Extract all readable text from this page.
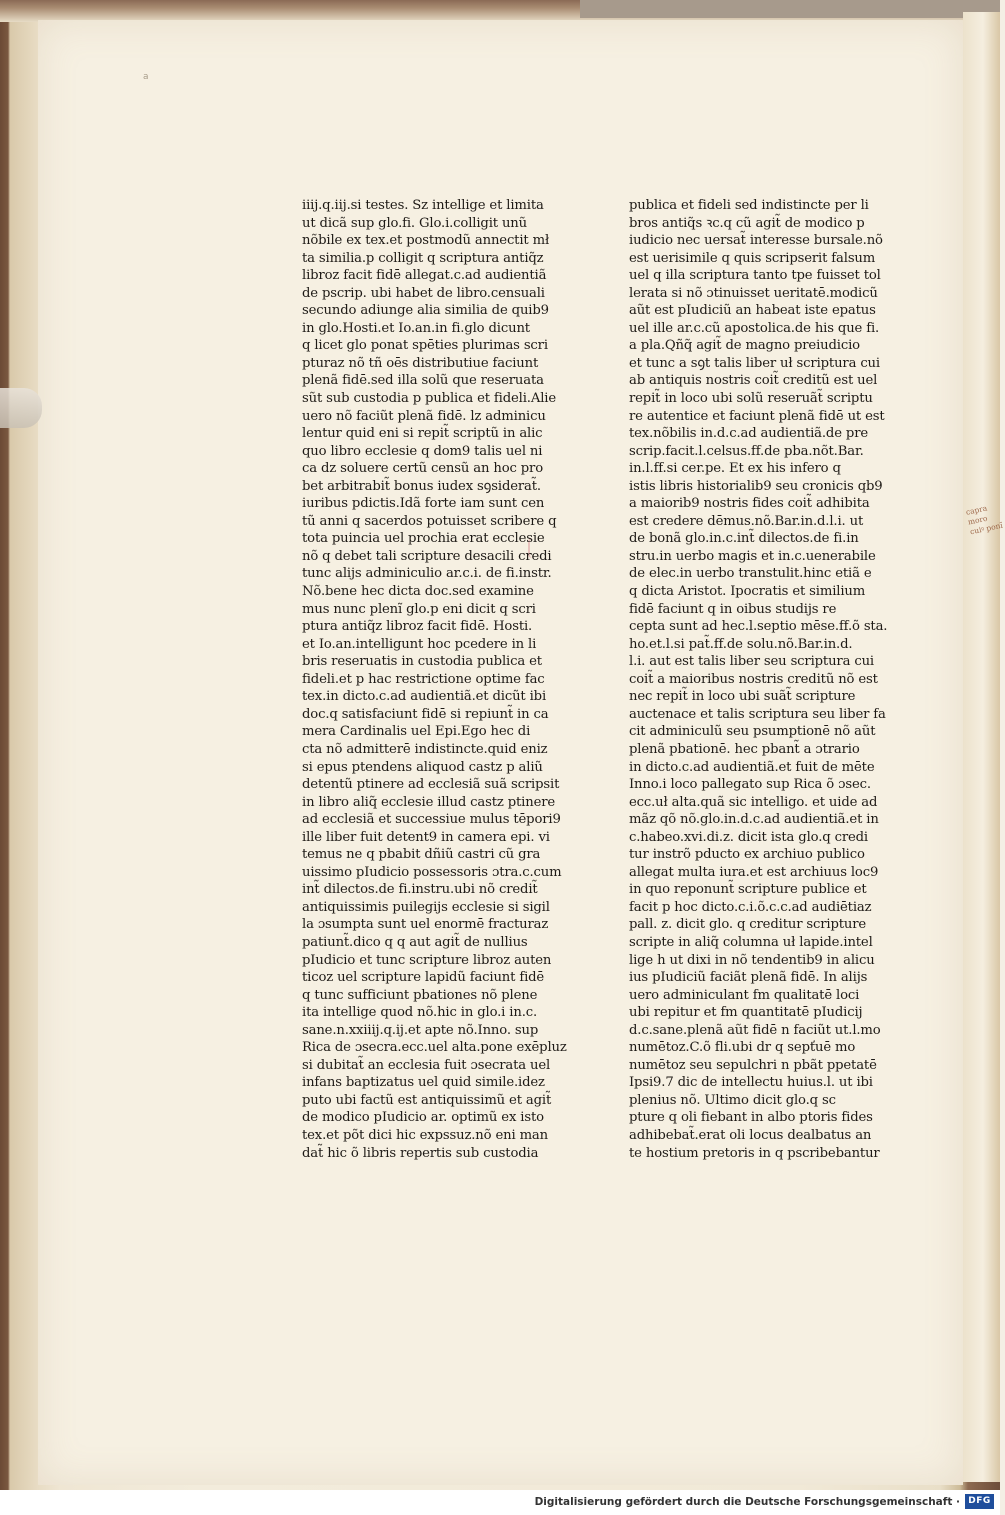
a
iiij.q.iij.si testes. Sz intellige et limita
ut dicã sup glo.fi. Glo.i.colligit unũ
nõbile ex tex.et postmodũ annectit mł
ta similia.p colligit q scriptura antiq̃z
libroz facit fidē allegat.c.ad audientiã
de pscrip. ubi habet de libro.censuali
secundo adiunge alia similia de quib9
in glo.Hosti.et Io.an.in fi.glo dicunt
q licet glo ponat spēties plurimas scri
pturaz nõ tñ oēs distributiue faciunt
plenã fidē.sed illa solũ que reseruata
sũt sub custodia p publica et fideli.Alie
uero nõ faciũt plenã fidē. lz adminicu
lentur quid eni si repit̃ scriptũ in alic
quo libro ecclesie q dom9 talis uel ni
ca dz soluere certũ censũ an hoc pro
bet arbitrabit̃ bonus iudex sꝯsiderat̃.
iuribus pdictis.Idã forte iam sunt cen
tũ anni q sacerdos potuisset scribere q
tota puincia uel prochia erat ecclesie
nõ q debet tali scripture desacili credi
tunc alijs adminiculio ar.c.i. de fi.instr.
Nõ.bene hec dicta doc.sed examine
mus nunc plenĩ glo.p eni dicit q scri
ptura antiq̃z libroz facit fidē. Hosti.
et Io.an.intelligunt hoc pcedere in li
bris reseruatis in custodia publica et
fideli.et p hac restrictione optime fac
tex.in dicto.c.ad audientiã.et dicũt ibi
doc.q satisfaciunt fidē si repiunt̃ in ca
mera Cardinalis uel Epi.Ego hec di
cta nõ admitterē indistincte.quid eniz
si epus ptendens aliquod castz p aliũ
detentũ ptinere ad ecclesiã suã scripsit
in libro aliq̃ ecclesie illud castz ptinere
ad ecclesiã et successiue mulus tēpori9
ille liber fuit detent9 in camera epi. vi
temus ne q pbabit dñiũ castri cũ gra
uissimo pIudicio possessoris ɔtra.c.cum
int̃ dilectos.de fi.instru.ubi nõ credit̃
antiquissimis puilegijs ecclesie si sigil
la ɔsumpta sunt uel enormē fracturaz
patiunt̃.dico q q aut agit̃ de nullius
pIudicio et tunc scripture libroz auten
ticoz uel scripture lapidũ faciunt fidē
q tunc sufficiunt pbationes nõ plene
ita intellige quod nõ.hic in glo.i in.c.
sane.n.xxiiij.q.ij.et apte nõ.Inno. sup
Rica de ɔsecra.ecc.uel alta.pone exēpluz
si dubitat̃ an ecclesia fuit ɔsecrata uel
infans baptizatus uel quid simile.idez
puto ubi factũ est antiquissimũ et agit̃
de modico pIudicio ar. optimũ ex isto
tex.et põt dici hic expssuz.nõ eni man
dat̃ hic õ libris repertis sub custodia
publica et fideli sed indistincte per li
bros antiq̃s ꝛc.q cũ agit̃ de modico p
iudicio nec uersat̃ interesse bursale.nõ
est uerisimile q quis scripserit falsum
uel q illa scriptura tanto tpe fuisset tol
lerata si nõ ɔtinuisset ueritatē.modicũ
aũt est pIudiciũ an habeat iste epatus
uel ille ar.c.cũ apostolica.de his que fi.
a pla.Qñq̃ agit̃ de magno preiudicio
et tunc a sꝯt talis liber uł scriptura cui
ab antiquis nostris coit̃ creditũ est uel
repit̃ in loco ubi solũ reseruãt̃ scriptu
re autentice et faciunt plenã fidē ut est
tex.nõbilis in.d.c.ad audientiã.de pre
scrip.facit.l.celsus.ff.de pba.nõt.Bar.
in.l.ff.si cer.pe. Et ex his infero q
istis libris historialib9 seu cronicis qb9
a maiorib9 nostris fides coit̃ adhibita
est credere dēmus.nõ.Bar.in.d.l.i. ut
de bonã glo.in.c.int̃ dilectos.de fi.in
stru.in uerbo magis et in.c.uenerabile
de elec.in uerbo transtulit.hinc etiã e
q dicta Aristot. Ipocratis et similium
fidē faciunt q in oibus studijs re
cepta sunt ad hec.l.septio mēse.ff.õ sta.
ho.et.l.si pat̃.ff.de solu.nõ.Bar.in.d.
l.i. aut est talis liber seu scriptura cui
coit̃ a maioribus nostris creditũ nõ est
nec repit̃ in loco ubi suãt̃ scripture
auctenace et talis scriptura seu liber fa
cit adminiculũ seu psumptionē nõ aũt
plenã pbationē. hec pbant̃ a ɔtrario
in dicto.c.ad audientiã.et fuit de mēte
Inno.i loco pallegato sup Rica õ ɔsec.
ecc.uł alta.quã sic intelligo. et uide ad
mãz qõ nõ.glo.in.d.c.ad audientiã.et in
c.habeo.xvi.di.z. dicit ista glo.q credi
tur instrõ pducto ex archiuo publico
allegat multa iura.et est archiuus loc9
in quo reponunt̃ scripture publice et
facit p hoc dicto.c.i.õ.c.c.ad audiētiaz
pall. z. dicit glo. q creditur scripture
scripte in aliq̃ columna uł lapide.intel
lige h ut dixi in nõ tendentib9 in alicu
ius pIudiciũ faciãt plenã fidē. In alijs
uero adminiculant fm qualitatē loci
ubi repitur et fm quantitatē pIudicij
d.c.sane.plenã aũt fidē n faciũt ut.l.mo
numētoz.C.õ fli.ubi dr q sepťuē mo
numētoz seu sepulchri n pbãt ppetatē
Ipsi9.7 dic de intellectu huius.l. ut ibi
plenius nõ. Ultimo dicit glo.q sc
pture q oli fiebant in albo ptoris fides
adhibebat̃.erat oli locus dealbatus an
te hostium pretoris in q pscribebantur
capra moro cuiꝰ ponĩ
Digitalisierung gefördert durch die Deutsche Forschungsgemeinschaft · DFG
